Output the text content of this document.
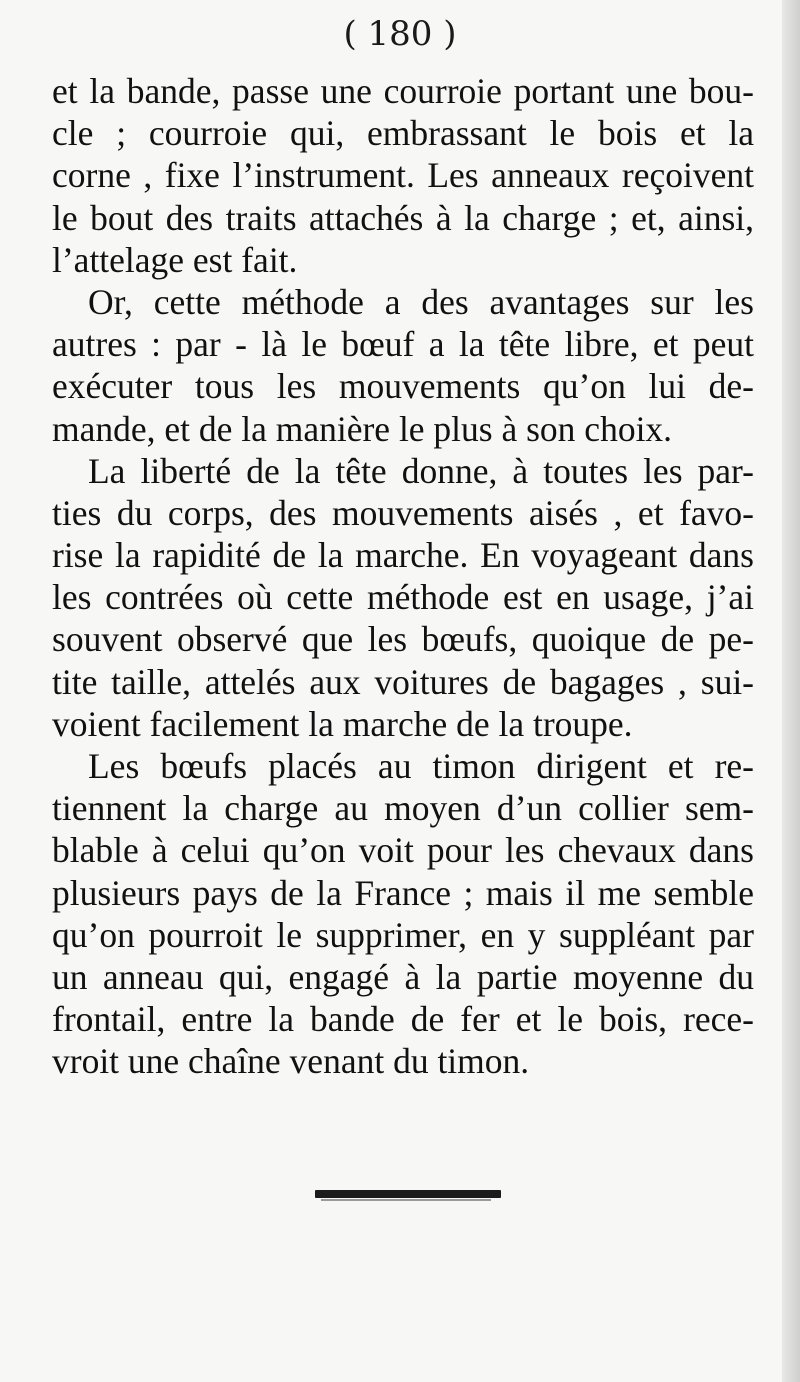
( 180 )
et la bande, passe une courroie portant une bou-
cle ; courroie qui, embrassant le bois et la
corne , fixe l’instrument. Les anneaux reçoivent
le bout des traits attachés à la charge ; et, ainsi,
l’attelage est fait.
Or, cette méthode a des avantages sur les
autres : par - là le bœuf a la tête libre, et peut
exécuter tous les mouvements qu’on lui de-
mande, et de la manière le plus à son choix.
La liberté de la tête donne, à toutes les par-
ties du corps, des mouvements aisés , et favo-
rise la rapidité de la marche. En voyageant dans
les contrées où cette méthode est en usage, j’ai
souvent observé que les bœufs, quoique de pe-
tite taille, attelés aux voitures de bagages , sui-
voient facilement la marche de la troupe.
Les bœufs placés au timon dirigent et re-
tiennent la charge au moyen d’un collier sem-
blable à celui qu’on voit pour les chevaux dans
plusieurs pays de la France ; mais il me semble
qu’on pourroit le supprimer, en y suppléant par
un anneau qui, engagé à la partie moyenne du
frontail, entre la bande de fer et le bois, rece-
vroit une chaîne venant du timon.
